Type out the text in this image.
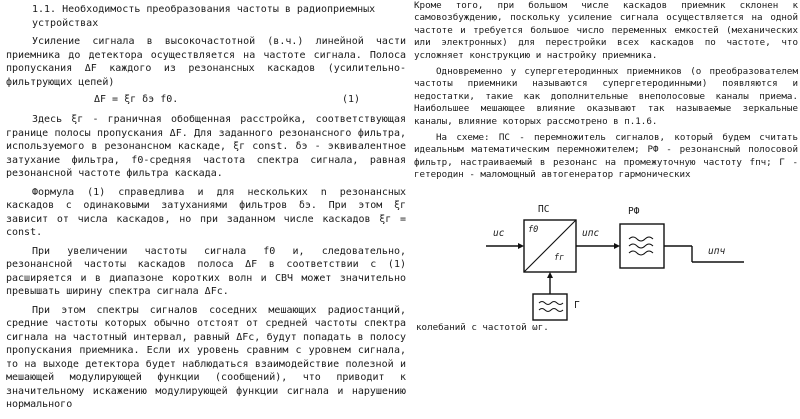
1.1. Необходимость преобразования частоты в радиоприемных устройствах

Усиление сигнала в высокочастотной (в.ч.) линейной части приемника до детектора осуществляется на частоте сигнала. Полоса пропускания ΔF каждого из резонансных каскадов (усилительно-фильтрующих цепей)

ΔF = ξг δэ f0.	(1)

Здесь ξг - граничная обобщенная расстройка, соответствующая границе полосы пропускания ΔF. Для заданного резонансного фильтра, используемого в резонансном каскаде, ξг const. δэ - эквивалентное затухание фильтра, f0-средняя частота спектра сигнала, равная резонансной частоте фильтра каскада.

Формула (1) справедлива и для нескольких n резонансных каскадов с одинаковыми затуханиями фильтров δэ. При этом ξг зависит от числа каскадов, но при заданном числе каскадов ξг = const.

При увеличении частоты сигнала f0 и, следовательно, резонансной частоты каскадов полоса ΔF в соответствии с (1) расширяется и в диапазоне коротких волн и СВЧ может значительно превышать ширину спектра сигнала ΔFc.

При этом спектры сигналов соседних мешающих радиостанций, средние частоты которых обычно отстоят от средней частоты спектра сигнала на частотный интервал, равный ΔFc, будут попадать в полосу пропускания приемника. Если их уровень сравним с уровнем сигнала, то на выходе детектора будет наблюдаться взаимодействие полезной и мешающей модулирующей функции (сообщений), что приводит к значительному искажению модулирующей функции сигнала и нарушению нормального

Кроме того, при большом числе каскадов приемник склонен к самовозбуждению, поскольку усиление сигнала осуществляется на одной частоте и требуется большое число переменных емкостей (механических или электронных) для перестройки всех каскадов по частоте, что усложняет конструкцию и настройку приемника.

Одновременно у супергетеродинных приемников (о преобразователем частоты приемники называются супергетеродинными) появляются и недостатки, такие как дополнительные внеполосовые каналы приема. Наибольшее мешающее влияние оказывают так называемые зеркальные каналы, влияние которых рассмотрено в п.1.6.

На схеме: ПС - перемножитель сигналов, который будем считать идеальным математическим перемножителем; РФ - резонансный полосовой фильтр, настраиваемый в резонанс на промежуточную частоту fпч; Г - гетеродин - маломощный автогенератор гармонических

uс
ПС
f0
fг
uпс
РФ
uпч
Г

колебаний с частотой ωг.
